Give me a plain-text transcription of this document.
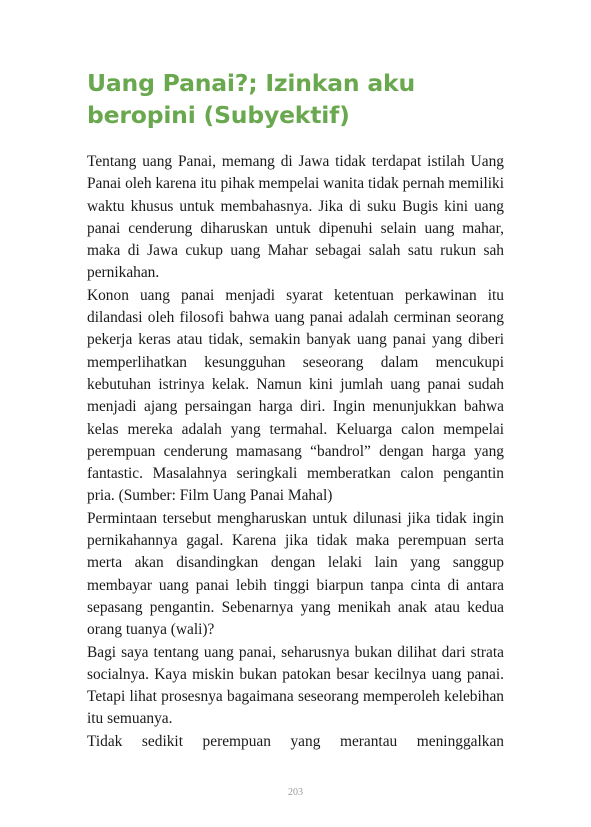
Uang Panai?; Izinkan aku beropini (Subyektif)

Tentang uang Panai, memang di Jawa tidak terdapat istilah Uang Panai oleh karena itu pihak mempelai wanita tidak pernah memiliki waktu khusus untuk membahasnya. Jika di suku Bugis kini uang panai cenderung diharuskan untuk dipenuhi selain uang mahar, maka di Jawa cukup uang Mahar sebagai salah satu rukun sah pernikahan.

Konon uang panai menjadi syarat ketentuan perkawinan itu dilandasi oleh filosofi bahwa uang panai adalah cerminan seorang pekerja keras atau tidak, semakin banyak uang panai yang diberi memperlihatkan kesungguhan seseorang dalam mencukupi kebutuhan istrinya kelak. Namun kini jumlah uang panai sudah menjadi ajang persaingan harga diri. Ingin menunjukkan bahwa kelas mereka adalah yang termahal. Keluarga calon mempelai perempuan cenderung mamasang “bandrol” dengan harga yang fantastic. Masalahnya seringkali memberatkan calon pengantin pria. (Sumber: Film Uang Panai Mahal)

Permintaan tersebut mengharuskan untuk dilunasi jika tidak ingin pernikahannya gagal. Karena jika tidak maka perempuan serta merta akan disandingkan dengan lelaki lain yang sanggup membayar uang panai lebih tinggi biarpun tanpa cinta di antara sepasang pengantin. Sebenarnya yang menikah anak atau kedua orang tuanya (wali)?

Bagi saya tentang uang panai, seharusnya bukan dilihat dari strata socialnya. Kaya miskin bukan patokan besar kecilnya uang panai. Tetapi lihat prosesnya bagaimana seseorang memperoleh kelebihan itu semuanya.

Tidak sedikit perempuan yang merantau meninggalkan

203
